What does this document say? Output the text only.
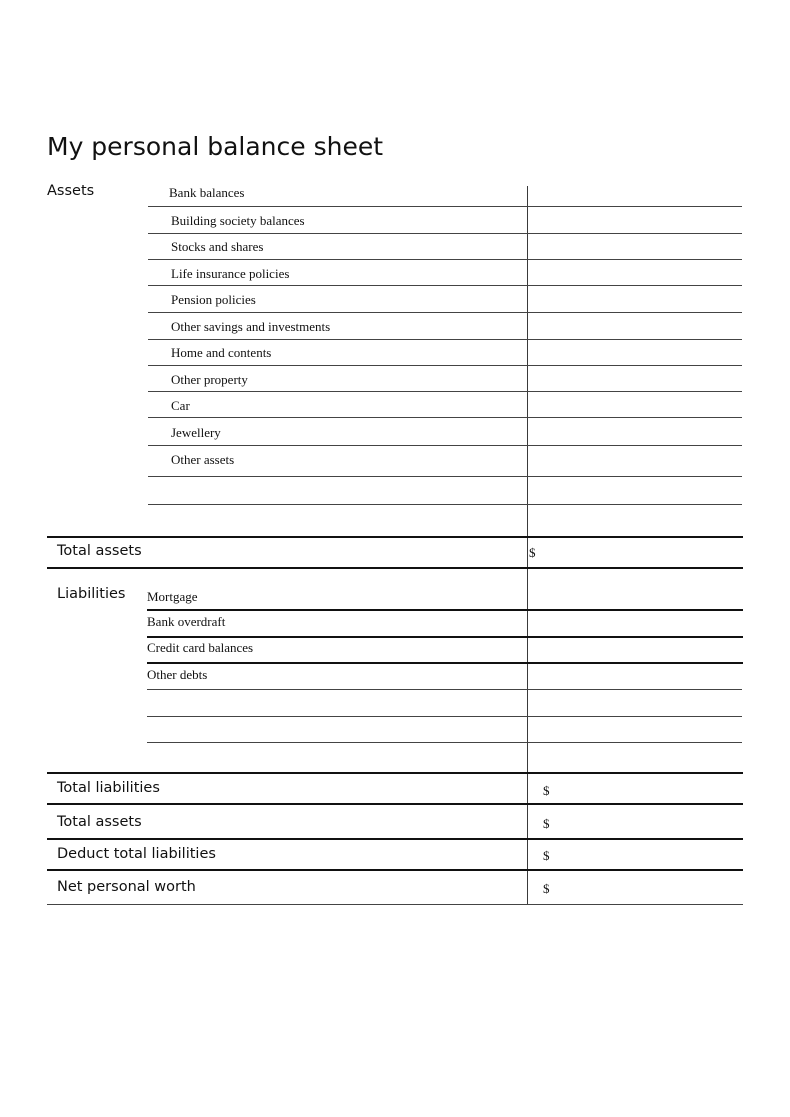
My personal balance sheet
Assets	Bank balances
Building society balances
Stocks and shares
Life insurance policies
Pension policies
Other savings and investments
Home and contents
Other property
Car
Jewellery
Other assets
Total assets	$
Liabilities Mortgage
Bank overdraft
Credit card balances
Other debts
Total liabilities	$
Total assets	$
Deduct total liabilities	$
Net personal worth	$
